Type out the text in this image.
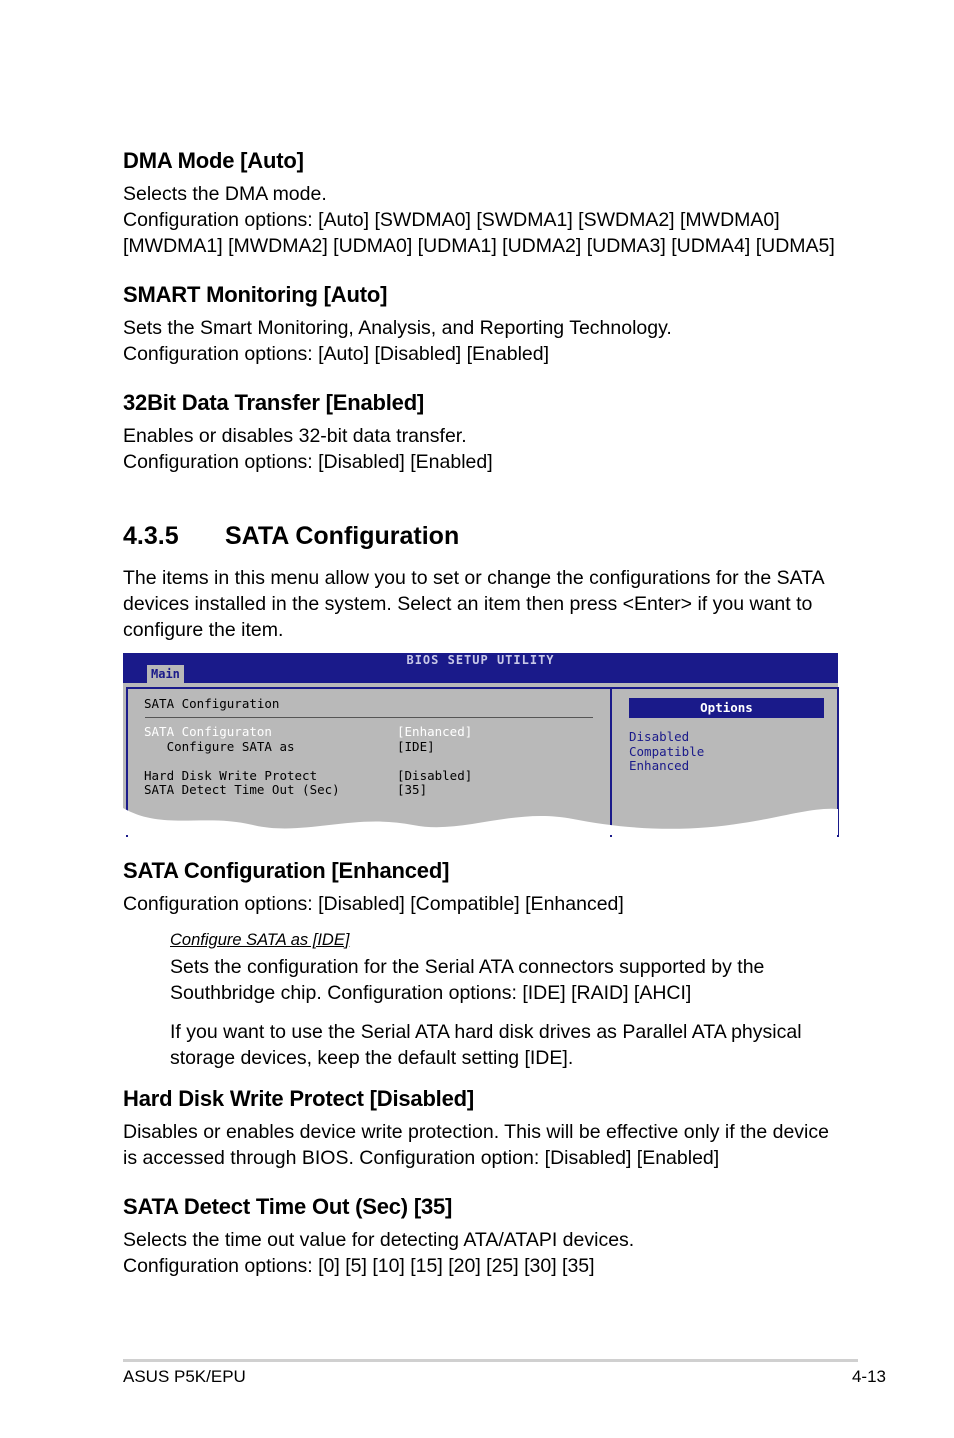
DMA Mode [Auto]
Selects the DMA mode.
Configuration options: [Auto] [SWDMA0] [SWDMA1] [SWDMA2] [MWDMA0]
[MWDMA1] [MWDMA2] [UDMA0] [UDMA1] [UDMA2] [UDMA3] [UDMA4] [UDMA5]
SMART Monitoring [Auto]
Sets the Smart Monitoring, Analysis, and Reporting Technology.
Configuration options: [Auto] [Disabled] [Enabled]
32Bit Data Transfer [Enabled]
Enables or disables 32-bit data transfer.
Configuration options: [Disabled] [Enabled]
4.3.5 SATA Configuration
The items in this menu allow you to set or change the configurations for the SATA
devices installed in the system. Select an item then press <Enter> if you want to
configure the item.
BIOS SETUP UTILITY
Main
SATA Configuration
SATA Configuraton	[Enhanced]
Configure SATA as	[IDE]
Hard Disk Write Protect	[Disabled]
SATA Detect Time Out (Sec)	[35]
Options
Disabled
Compatible
Enhanced
SATA Configuration [Enhanced]
Configuration options: [Disabled] [Compatible] [Enhanced]
Configure SATA as [IDE]
Sets the configuration for the Serial ATA connectors supported by the
Southbridge chip. Configuration options: [IDE] [RAID] [AHCI]
If you want to use the Serial ATA hard disk drives as Parallel ATA physical
storage devices, keep the default setting [IDE].
Hard Disk Write Protect [Disabled]
Disables or enables device write protection. This will be effective only if the device
is accessed through BIOS. Configuration option: [Disabled] [Enabled]
SATA Detect Time Out (Sec) [35]
Selects the time out value for detecting ATA/ATAPI devices.
Configuration options: [0] [5] [10] [15] [20] [25] [30] [35]
ASUS P5K/EPU	4-13
